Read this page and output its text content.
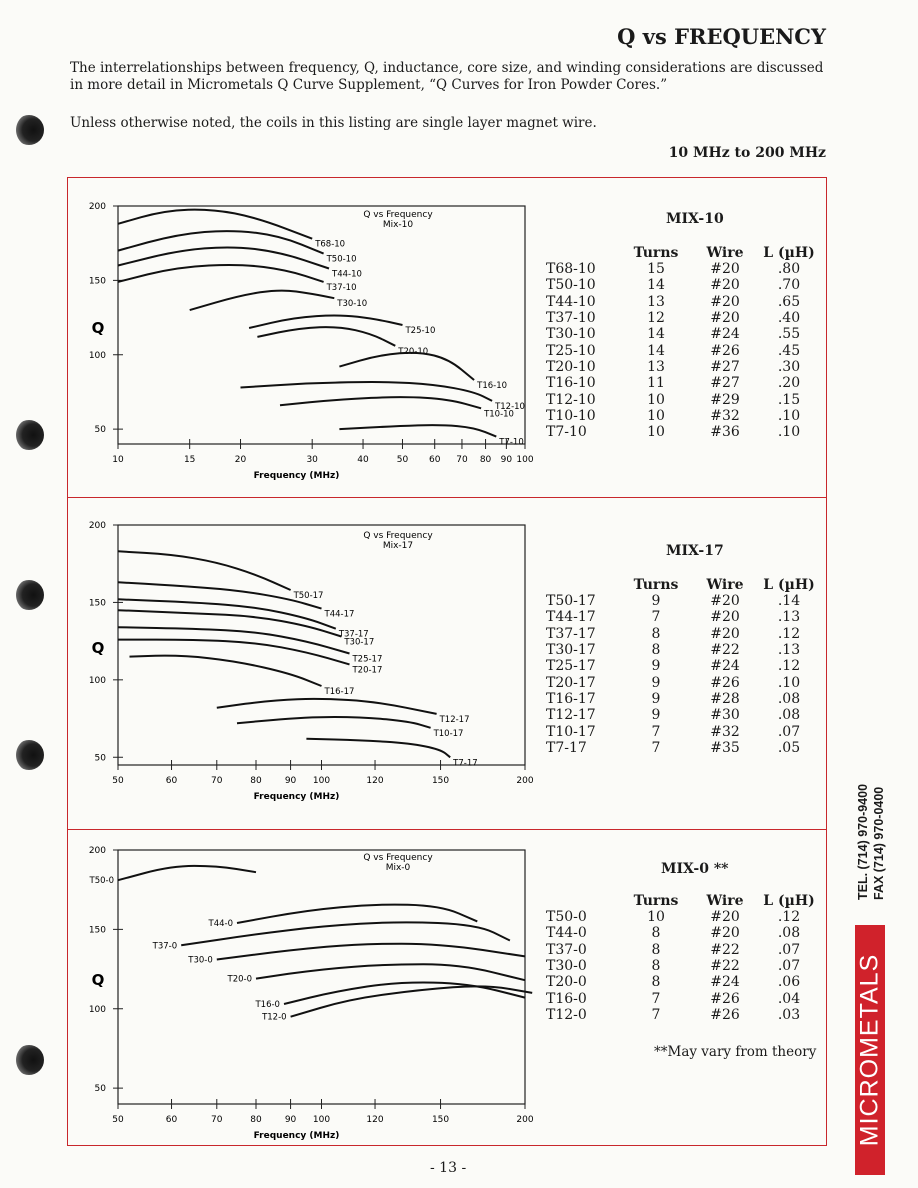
Q vs FREQUENCY
The interrelationships between frequency, Q, inductance, core size, and winding considerations are discussed in more detail in Micrometals Q Curve Supplement, “Q Curves for Iron Powder Cores.”
Unless otherwise noted, the coils in this listing are single layer magnet wire.
10 MHz to 200 MHz
50
100
150
200
10	15	20	30	40	50 60 70 80 90 100
Frequency (MHz)
Q
Q vs Frequency
Mix-10
T68-10
T50-10
T44-10
T37-10
T30-10
T25-10
T20-10
T16-10
T12-10
T10-10
T7-10
MIX-10
	Turns	Wire	L (µH)
T68-10	15	#20	.80
T50-10	14	#20	.70
T44-10	13	#20	.65
T37-10	12	#20	.40
T30-10	14	#24	.55
T25-10	14	#26	.45
T20-10	13	#27	.30
T16-10	11	#27	.20
T12-10	10	#29	.15
T10-10	10	#32	.10
T7-10	10	#36	.10
50
100
150
200
50	60	70	80	90 100	120	150	200
Frequency (MHz)
Q
Q vs Frequency
Mix-17
T50-17
T44-17
T37-17
T30-17
T25-17
T20-17
T16-17
T12-17
T10-17
T7-17
MIX-17
	Turns	Wire	L (µH)
T50-17	9	#20	.14
T44-17	7	#20	.13
T37-17	8	#20	.12
T30-17	8	#22	.13
T25-17	9	#24	.12
T20-17	9	#26	.10
T16-17	9	#28	.08
T12-17	9	#30	.08
T10-17	7	#32	.07
T7-17	7	#35	.05
50
100
150
200
50	60	70	80	90 100	120	150	200
Frequency (MHz)
Q
Q vs Frequency
Mix-0
T50-0
T44-0
T37-0
T30-0
T20-0
T16-0
T12-0
MIX-0 **
	Turns	Wire	L (µH)
T50-0	10	#20	.12
T44-0	8	#20	.08
T37-0	8	#22	.07
T30-0	8	#22	.07
T20-0	8	#24	.06
T16-0	7	#26	.04
T12-0	7	#26	.03
**May vary from theory
- 13 -
TEL. (714) 970-9400 FAX (714) 970-0400
MICROMETALS
